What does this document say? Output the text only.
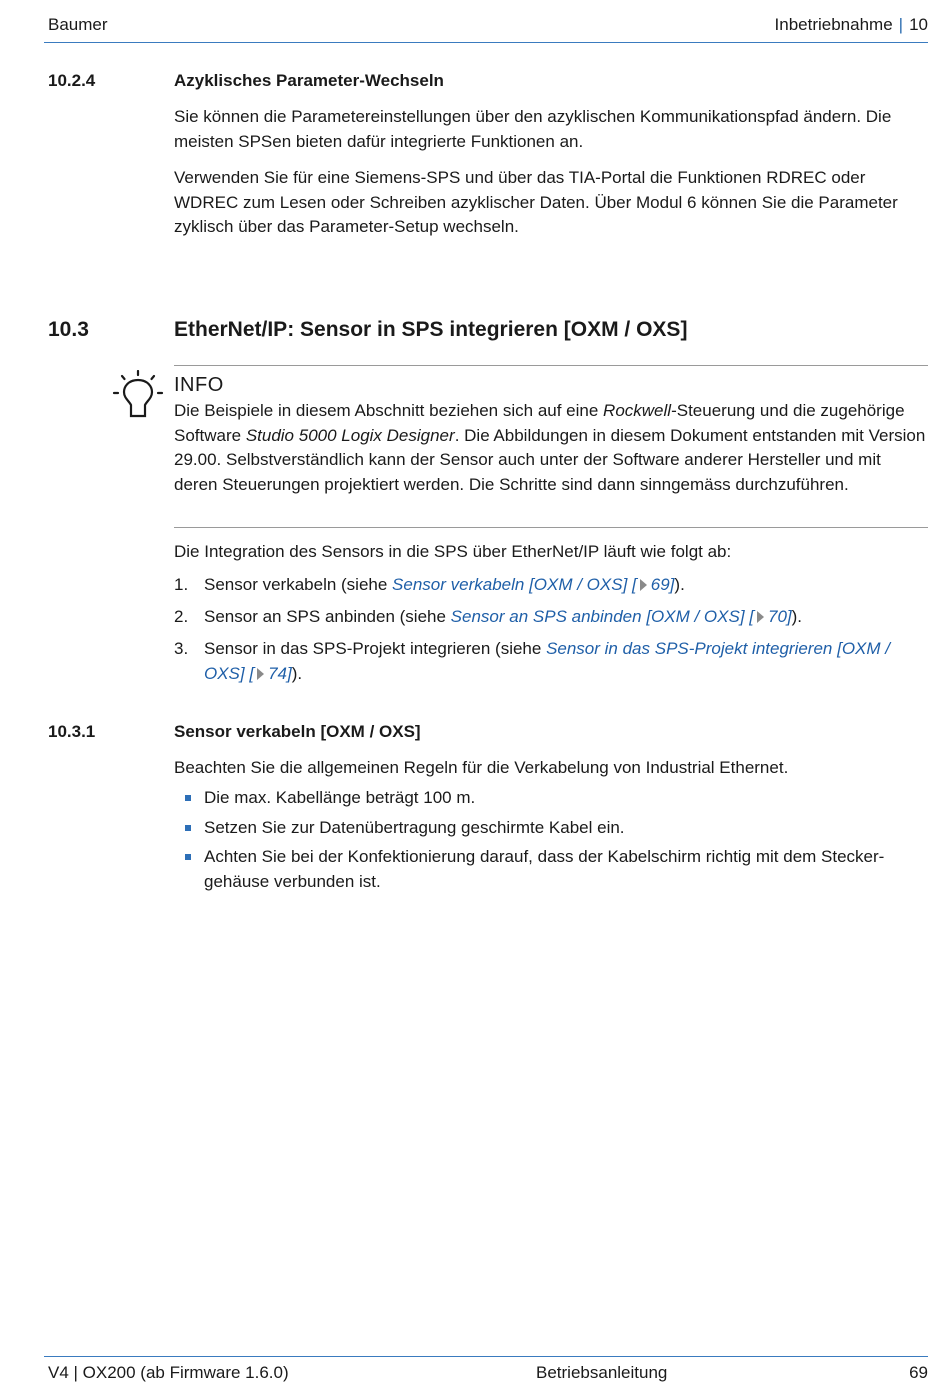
Baumer	Inbetriebnahme | 10
10.2.4	Azyklisches Parameter-Wechseln

Sie können die Parametereinstellungen über den azyklischen Kommunikationspfad ändern. Die meisten SPSen bieten dafür integrierte Funktionen an.

Verwenden Sie für eine Siemens-SPS und über das TIA-Portal die Funktionen RDREC oder WDREC zum Lesen oder Schreiben azyklischer Daten. Über Modul 6 können Sie die Parameter zyklisch über das Parameter-Setup wechseln.

10.3	EtherNet/IP: Sensor in SPS integrieren [OXM / OXS]
INFO

Die Beispiele in diesem Abschnitt beziehen sich auf eine Rockwell-Steuerung und die zugehörige Software Studio 5000 Logix Designer. Die Abbildungen in diesem Dokument entstanden mit Version 29.00. Selbstverständlich kann der Sensor auch unter der Software anderer Hersteller und mit deren Steuerungen projektiert werden. Die Schritte sind dann sinngemäss durchzuführen.

Die Integration des Sensors in die SPS über EtherNet/IP läuft wie folgt ab:

1. Sensor verkabeln (siehe Sensor verkabeln [OXM / OXS] [ 69]).
2. Sensor an SPS anbinden (siehe Sensor an SPS anbinden [OXM / OXS] [ 70]).
3. Sensor in das SPS-Projekt integrieren (siehe Sensor in das SPS-Projekt integrieren [OXM / OXS] [ 74]).
10.3.1	Sensor verkabeln [OXM / OXS]

Beachten Sie die allgemeinen Regeln für die Verkabelung von Industrial Ethernet.

Die max. Kabellänge beträgt 100 m.
Setzen Sie zur Datenübertragung geschirmte Kabel ein.
Achten Sie bei der Konfektionierung darauf, dass der Kabelschirm richtig mit dem Steckergehäuse verbunden ist.
V4 | OX200 (ab Firmware 1.6.0)	Betriebsanleitung	69
